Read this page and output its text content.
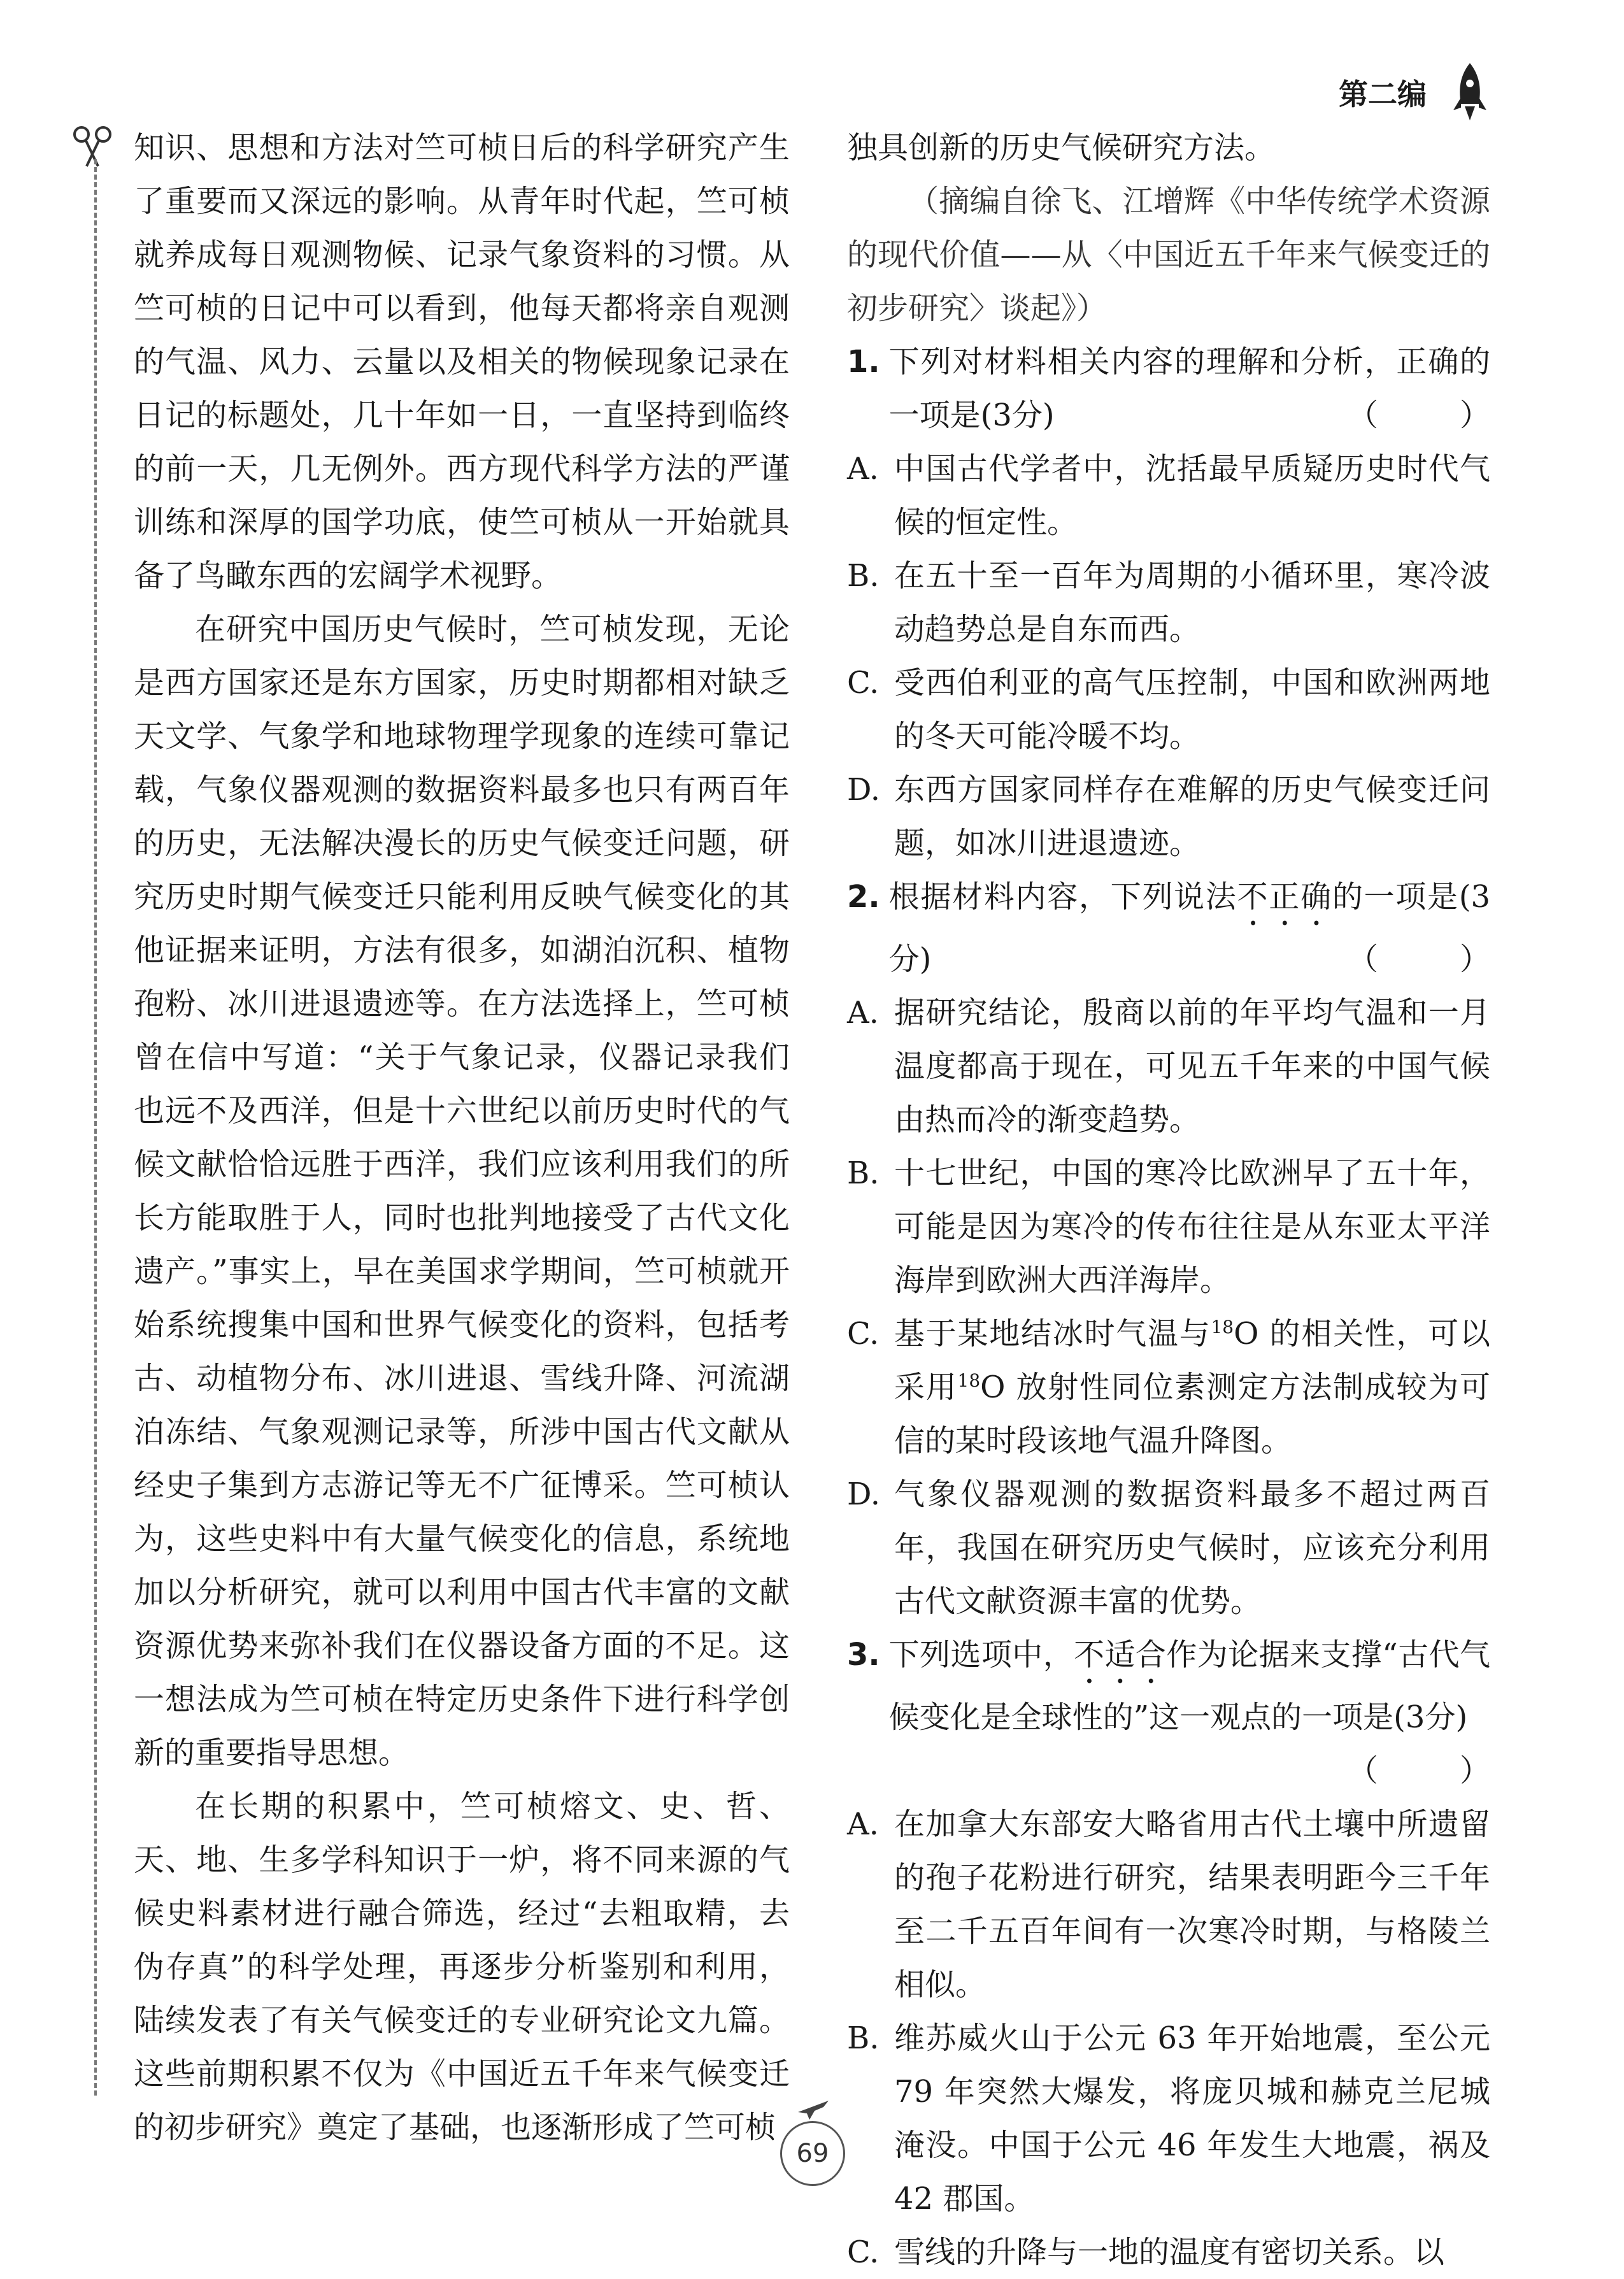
第二编

知识、思想和方法对竺可桢日后的科学研究产生了重要而又深远的影响。从青年时代起，竺可桢就养成每日观测物候、记录气象资料的习惯。从竺可桢的日记中可以看到，他每天都将亲自观测的气温、风力、云量以及相关的物候现象记录在日记的标题处，几十年如一日，一直坚持到临终的前一天，几无例外。西方现代科学方法的严谨训练和深厚的国学功底，使竺可桢从一开始就具备了鸟瞰东西的宏阔学术视野。

在研究中国历史气候时，竺可桢发现，无论是西方国家还是东方国家，历史时期都相对缺乏天文学、气象学和地球物理学现象的连续可靠记载，气象仪器观测的数据资料最多也只有两百年的历史，无法解决漫长的历史气候变迁问题，研究历史时期气候变迁只能利用反映气候变化的其他证据来证明，方法有很多，如湖泊沉积、植物孢粉、冰川进退遗迹等。在方法选择上，竺可桢曾在信中写道：“关于气象记录，仪器记录我们也远不及西洋，但是十六世纪以前历史时代的气候文献恰恰远胜于西洋，我们应该利用我们的所长方能取胜于人，同时也批判地接受了古代文化遗产。”事实上，早在美国求学期间，竺可桢就开始系统搜集中国和世界气候变化的资料，包括考古、动植物分布、冰川进退、雪线升降、河流湖泊冻结、气象观测记录等，所涉中国古代文献从经史子集到方志游记等无不广征博采。竺可桢认为，这些史料中有大量气候变化的信息，系统地加以分析研究，就可以利用中国古代丰富的文献资源优势来弥补我们在仪器设备方面的不足。这一想法成为竺可桢在特定历史条件下进行科学创新的重要指导思想。

在长期的积累中，竺可桢熔文、史、哲、天、地、生多学科知识于一炉，将不同来源的气候史料素材进行融合筛选，经过“去粗取精，去伪存真”的科学处理，再逐步分析鉴别和利用，陆续发表了有关气候变迁的专业研究论文九篇。这些前期积累不仅为《中国近五千年来气候变迁的初步研究》奠定了基础，也逐渐形成了竺可桢

独具创新的历史气候研究方法。

（摘编自徐飞、江增辉《中华传统学术资源的现代价值——从〈中国近五千年来气候变迁的初步研究〉谈起》）

1. 下列对材料相关内容的理解和分析，正确的一项是(3分)	（　）
A. 中国古代学者中，沈括最早质疑历史时代气候的恒定性。
B. 在五十至一百年为周期的小循环里，寒冷波动趋势总是自东而西。
C. 受西伯利亚的高气压控制，中国和欧洲两地的冬天可能冷暖不均。
D. 东西方国家同样存在难解的历史气候变迁问题，如冰川进退遗迹。
2. 根据材料内容，下列说法不正确的一项是(3分)	（　）
A. 据研究结论，殷商以前的年平均气温和一月温度都高于现在，可见五千年来的中国气候由热而冷的渐变趋势。
B. 十七世纪，中国的寒冷比欧洲早了五十年，可能是因为寒冷的传布往往是从东亚太平洋海岸到欧洲大西洋海岸。
C. 基于某地结冰时气温与$^{18}$O 的相关性，可以采用$^{18}$O 放射性同位素测定方法制成较为可信的某时段该地气温升降图。
D. 气象仪器观测的数据资料最多不超过两百年，我国在研究历史气候时，应该充分利用古代文献资源丰富的优势。
3. 下列选项中，不适合作为论据来支撑“古代气候变化是全球性的”这一观点的一项是(3分)
（　）
A. 在加拿大东部安大略省用古代土壤中所遗留的孢子花粉进行研究，结果表明距今三千年至二千五百年间有一次寒冷时期，与格陵兰相似。
B. 维苏威火山于公元 63 年开始地震，至公元 79 年突然大爆发，将庞贝城和赫克兰尼城淹没。中国于公元 46 年发生大地震，祸及 42 郡国。
C. 雪线的升降与一地的温度有密切关系。以
69
